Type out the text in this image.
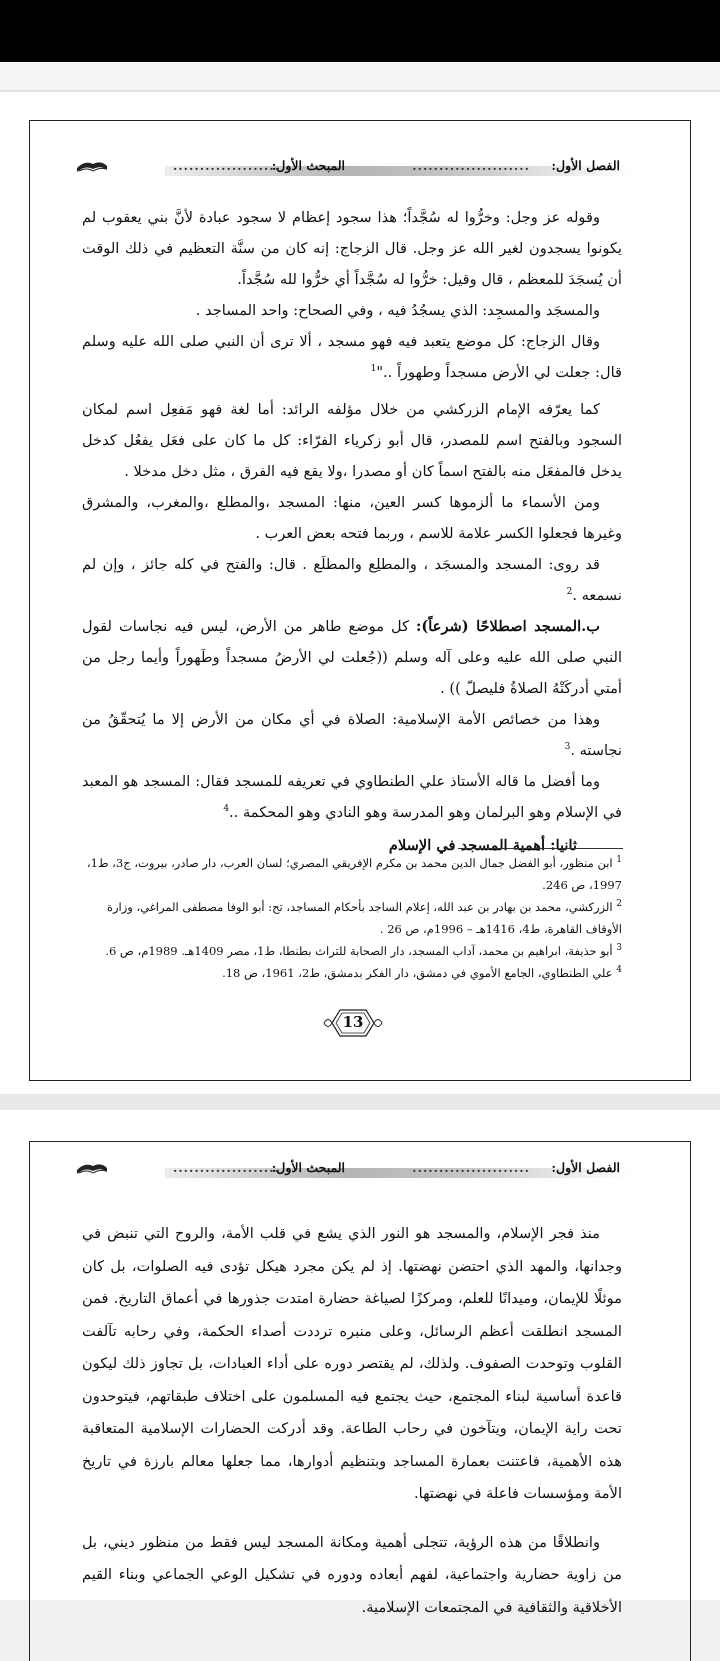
الفصل الأول:
......................
المبحث الأول:
....................

وقوله عز وجل: وخرُّوا له سُجَّداً؛ هذا سجود إعظام لا سجود عبادة لأنَّ بني يعقوب لم يكونوا يسجدون لغير الله عز وجل. قال الزجاج: إنه كان من سنَّة التعظيم في ذلك الوقت أن يُسجَدَ للمعظم ، قال وقيل: خرُّوا له سُجَّداً أي خرُّوا لله سُجَّداً.

والمسجَد والمسجِد: الذي يسجُدُ فيه ، وفي الصحاح: واحد المساجد .

وقال الزجاج: كل موضع يتعبد فيه فهو مسجد ، ألا ترى أن النبي صلى الله عليه وسلم قال: جعلت لي الأرض مسجداً وطهوراً .."$^1$

كما يعرّفه الإمام الزركشي من خلال مؤلفه الرائد: أما لغة فهو مَفعِل اسم لمكان السجود وبالفتح اسم للمصدر، قال أبو زكرياء الفرّاء: كل ما كان على فعَل يفعُل كدخل يدخل فالمفعَل منه بالفتح اسماً كان أو مصدرا ،ولا يقع فيه الفرق ، مثل دخل مدخلا .

ومن الأسماء ما ألزموها كسر العين، منها: المسجد ،والمطلع ،والمغرب، والمشرق وغيرها فجعلوا الكسر علامة للاسم ، وربما فتحه بعض العرب .

قد روى: المسجد والمسجَد ، والمطلِع والمطلَع . قال: والفتح في كله جائز ، وإن لم نسمعه .$^2$

ب.المسجد اصطلاحًا (شرعاً): كل موضع طاهر من الأرض، ليس فيه نجاسات لقول النبي صلى الله عليه وعلى آله وسلم ((جُعلت لي الأرضُ مسجداً وطَهوراً وأيما رجل من أمتي أدركَتْهُ الصلاةُ فليصلّ )) .

وهذا من خصائص الأمة الإسلامية: الصلاة في أي مكان من الأرض إلا ما يُتحقّقُ من نجاسته .$^3$

وما أفضل ما قاله الأستاذ علي الطنطاوي في تعريفه للمسجد فقال: المسجد هو المعبد في الإسلام وهو البرلمان وهو المدرسة وهو النادي وهو المحكمة ..$^4$

ثانيا: أهمية المسجد في الإسلام

$^1$ ابن منظور، أبو الفضل جمال الدين محمد بن مكرم الإفريقي المصري؛ لسان العرب، دار صادر، بيروت، ج3، ط1، 1997، ص 246.

$^2$ الزركشي، محمد بن بهادر بن عبد الله، إعلام الساجد بأحكام المساجد، تح: أبو الوفا مصطفى المراغي، وزارة الأوقاف القاهرة، ط4، 1416هـ – 1996م، ص 26 .

$^3$ أبو حذيفة، ابراهيم بن محمد، آداب المسجد، دار الصحابة للتراث بطنطا، ط1، مصر 1409هـ. 1989م، ص 6.

$^4$ علي الطنطاوي، الجامع الأموي في دمشق، دار الفكر بدمشق، ط2، 1961، ص 18.

13
الفصل الأول:
......................
المبحث الأول:
....................

منذ فجر الإسلام، والمسجد هو النور الذي يشع في قلب الأمة، والروح التي تنبض في وجدانها، والمهد الذي احتضن نهضتها. إذ لم يكن مجرد هيكل تؤدى فيه الصلوات، بل كان موئلًا للإيمان، وميدانًا للعلم، ومركزًا لصياغة حضارة امتدت جذورها في أعماق التاريخ. فمن المسجد انطلقت أعظم الرسائل، وعلى منبره ترددت أصداء الحكمة، وفي رحابه تآلفت القلوب وتوحدت الصفوف. ولذلك، لم يقتصر دوره على أداء العبادات، بل تجاوز ذلك ليكون قاعدة أساسية لبناء المجتمع، حيث يجتمع فيه المسلمون على اختلاف طبقاتهم، فيتوحدون تحت راية الإيمان، ويتآخون في رحاب الطاعة. وقد أدركت الحضارات الإسلامية المتعاقبة هذه الأهمية، فاعتنت بعمارة المساجد وبتنظيم أدوارها، مما جعلها معالم بارزة في تاريخ الأمة ومؤسسات فاعلة في نهضتها.

وانطلاقًا من هذه الرؤية، تتجلى أهمية ومكانة المسجد ليس فقط من منظور ديني، بل من زاوية حضارية واجتماعية، لفهم أبعاده ودوره في تشكيل الوعي الجماعي وبناء القيم الأخلاقية والثقافية في المجتمعات الإسلامية.
